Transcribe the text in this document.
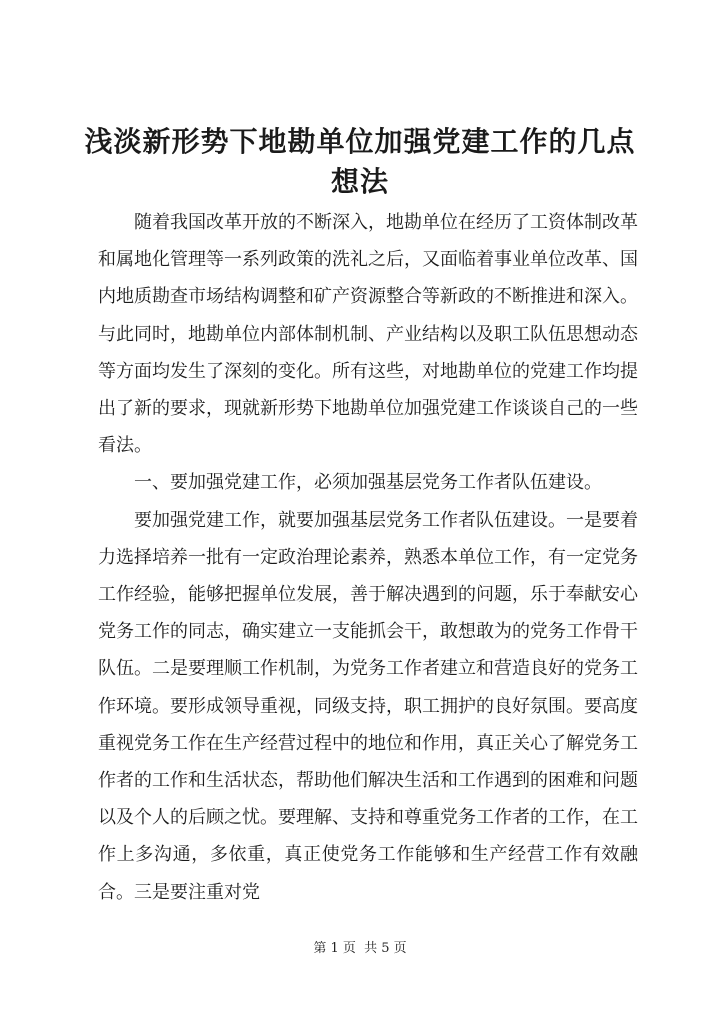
浅淡新形势下地勘单位加强党建工作的几点想法

随着我国改革开放的不断深入，地勘单位在经历了工资体制改革和属地化管理等一系列政策的洗礼之后，又面临着事业单位改革、国内地质勘查市场结构调整和矿产资源整合等新政的不断推进和深入。与此同时，地勘单位内部体制机制、产业结构以及职工队伍思想动态等方面均发生了深刻的变化。所有这些，对地勘单位的党建工作均提出了新的要求，现就新形势下地勘单位加强党建工作谈谈自己的一些看法。

一、要加强党建工作，必须加强基层党务工作者队伍建设。

要加强党建工作，就要加强基层党务工作者队伍建设。一是要着力选择培养一批有一定政治理论素养，熟悉本单位工作，有一定党务工作经验，能够把握单位发展，善于解决遇到的问题，乐于奉献安心党务工作的同志，确实建立一支能抓会干，敢想敢为的党务工作骨干队伍。二是要理顺工作机制，为党务工作者建立和营造良好的党务工作环境。要形成领导重视，同级支持，职工拥护的良好氛围。要高度重视党务工作在生产经营过程中的地位和作用，真正关心了解党务工作者的工作和生活状态，帮助他们解决生活和工作遇到的困难和问题以及个人的后顾之忧。要理解、支持和尊重党务工作者的工作，在工作上多沟通，多依重，真正使党务工作能够和生产经营工作有效融合。三是要注重对党

第 1 页  共 5 页
